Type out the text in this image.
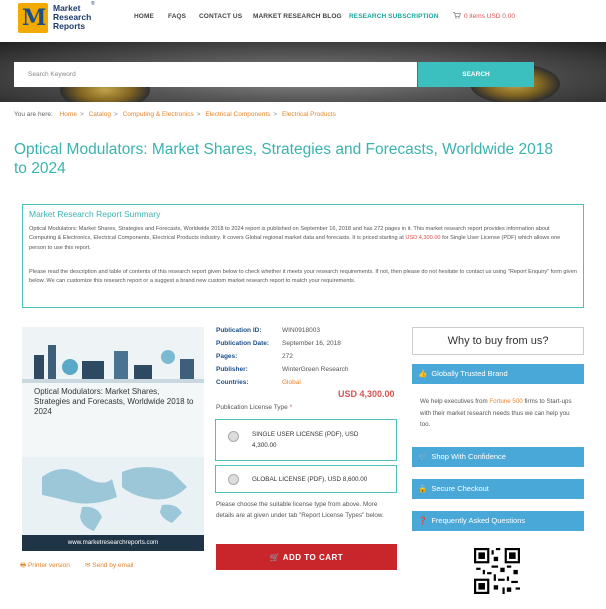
M Market
Research
Reports
®
HOME FAQS CONTACT US MARKET RESEARCH BLOG RESEARCH SUBSCRIPTION	0 items USD 0.00
Search Keyword
SEARCH
You are here: Home > Catalog > Computing & Electronics > Electrical Components > Electrical Products
Optical Modulators: Market Shares, Strategies and Forecasts, Worldwide 2018 to 2024
Market Research Report Summary
Optical Modulators: Market Shares, Strategies and Forecasts, Worldwide 2018 to 2024 report is published on September 16, 2018 and has 272 pages in it. This market research report provides information about Computing & Electronics, Electrical Components, Electrical Products industry. It covers Global regional market data and forecasts. It is priced starting at USD 4,300.00 for Single User License (PDF) which allows one person to use this report.
Please read the description and table of contents of this research report given below to check whether it meets your research requirements. If not, then please do not hesitate to contact us using "Report Enquiry" form given below. We can customize this research report or a suggest a brand new custom market research report to match your requirements.
Optical Modulators: Market Shares, Strategies and Forecasts, Worldwide 2018 to 2024
www.marketresearchreports.com
🖶 Printer version ✉ Send by email
Publication ID:	WIN0918003
Publication Date: September 16, 2018
Pages:	272
Publisher:	WinterGreen Research
Countries:	Global
USD 4,300.00
Publication License Type *
SINGLE USER LICENSE (PDF), USD 4,300.00
GLOBAL LICENSE (PDF), USD 8,600.00
Please choose the suitable license type from above. More details are at given under tab "Report License Types" below.
🛒 ADD TO CART
Why to buy from us?
👍 Globally Trusted Brand
We help executives from Fortune 500 firms to Start-ups with their market research needs thus we can help you too.
🛒 Shop With Confidence
🔒 Secure Checkout
❓ Frequently Asked Questions
